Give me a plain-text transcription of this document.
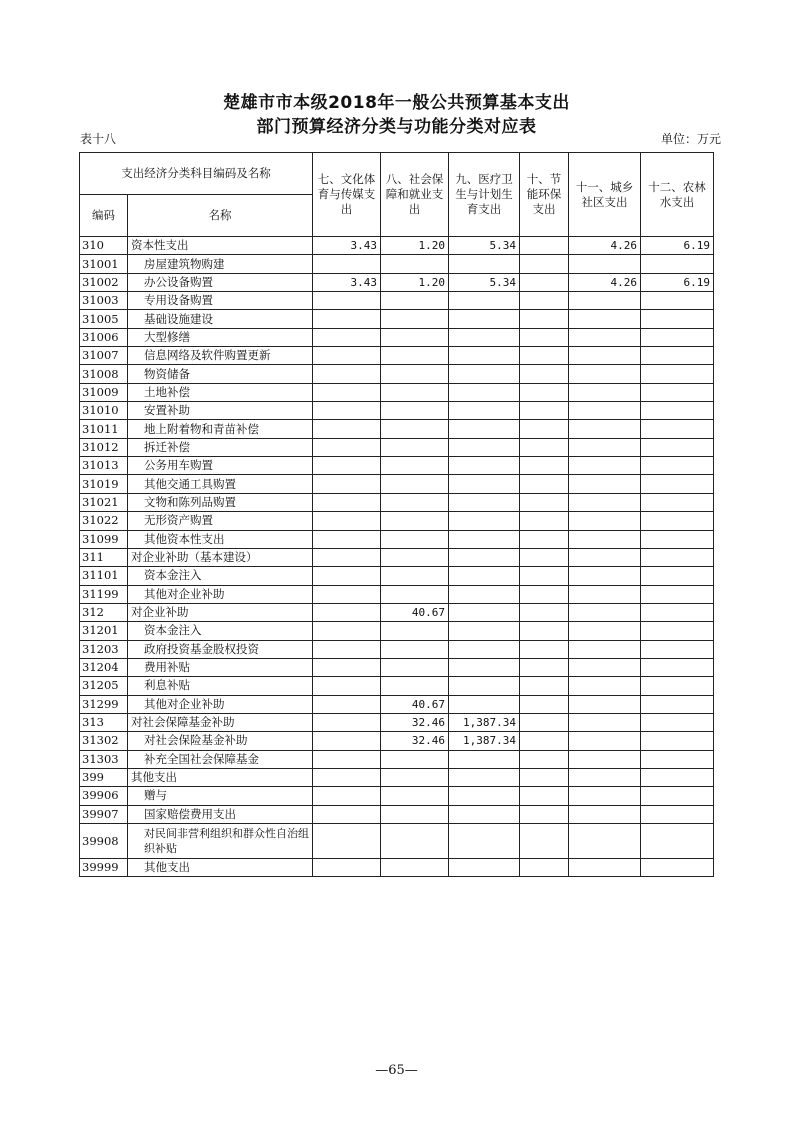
楚雄市市本级2018年一般公共预算基本支出
部门预算经济分类与功能分类对应表
表十八	单位：万元
支出经济分类科目编码及名称		七、文化体育与传媒支出	八、社会保障和就业支出	九、医疗卫生与计划生育支出	十、节能环保支出	十一、城乡社区支出	十二、农林水支出
编码	名称						
310	资本性支出	3.43	1.20	5.34		4.26	6.19
31001	房屋建筑物购建						
31002	办公设备购置	3.43	1.20	5.34		4.26	6.19
31003	专用设备购置						
31005	基础设施建设						
31006	大型修缮						
31007	信息网络及软件购置更新						
31008	物资储备						
31009	土地补偿						
31010	安置补助						
31011	地上附着物和青苗补偿						
31012	拆迁补偿						
31013	公务用车购置						
31019	其他交通工具购置						
31021	文物和陈列品购置						
31022	无形资产购置						
31099	其他资本性支出						
311	对企业补助（基本建设）						
31101	资本金注入						
31199	其他对企业补助						
312	对企业补助		40.67				
31201	资本金注入						
31203	政府投资基金股权投资						
31204	费用补贴						
31205	利息补贴						
31299	其他对企业补助		40.67				
313	对社会保障基金补助		32.46	1,387.34			
31302	对社会保险基金补助		32.46	1,387.34			
31303	补充全国社会保障基金						
399	其他支出						
39906	赠与						
39907	国家赔偿费用支出						
39908	对民间非营利组织和群众性自治组织补贴						
39999	其他支出						
—65—
